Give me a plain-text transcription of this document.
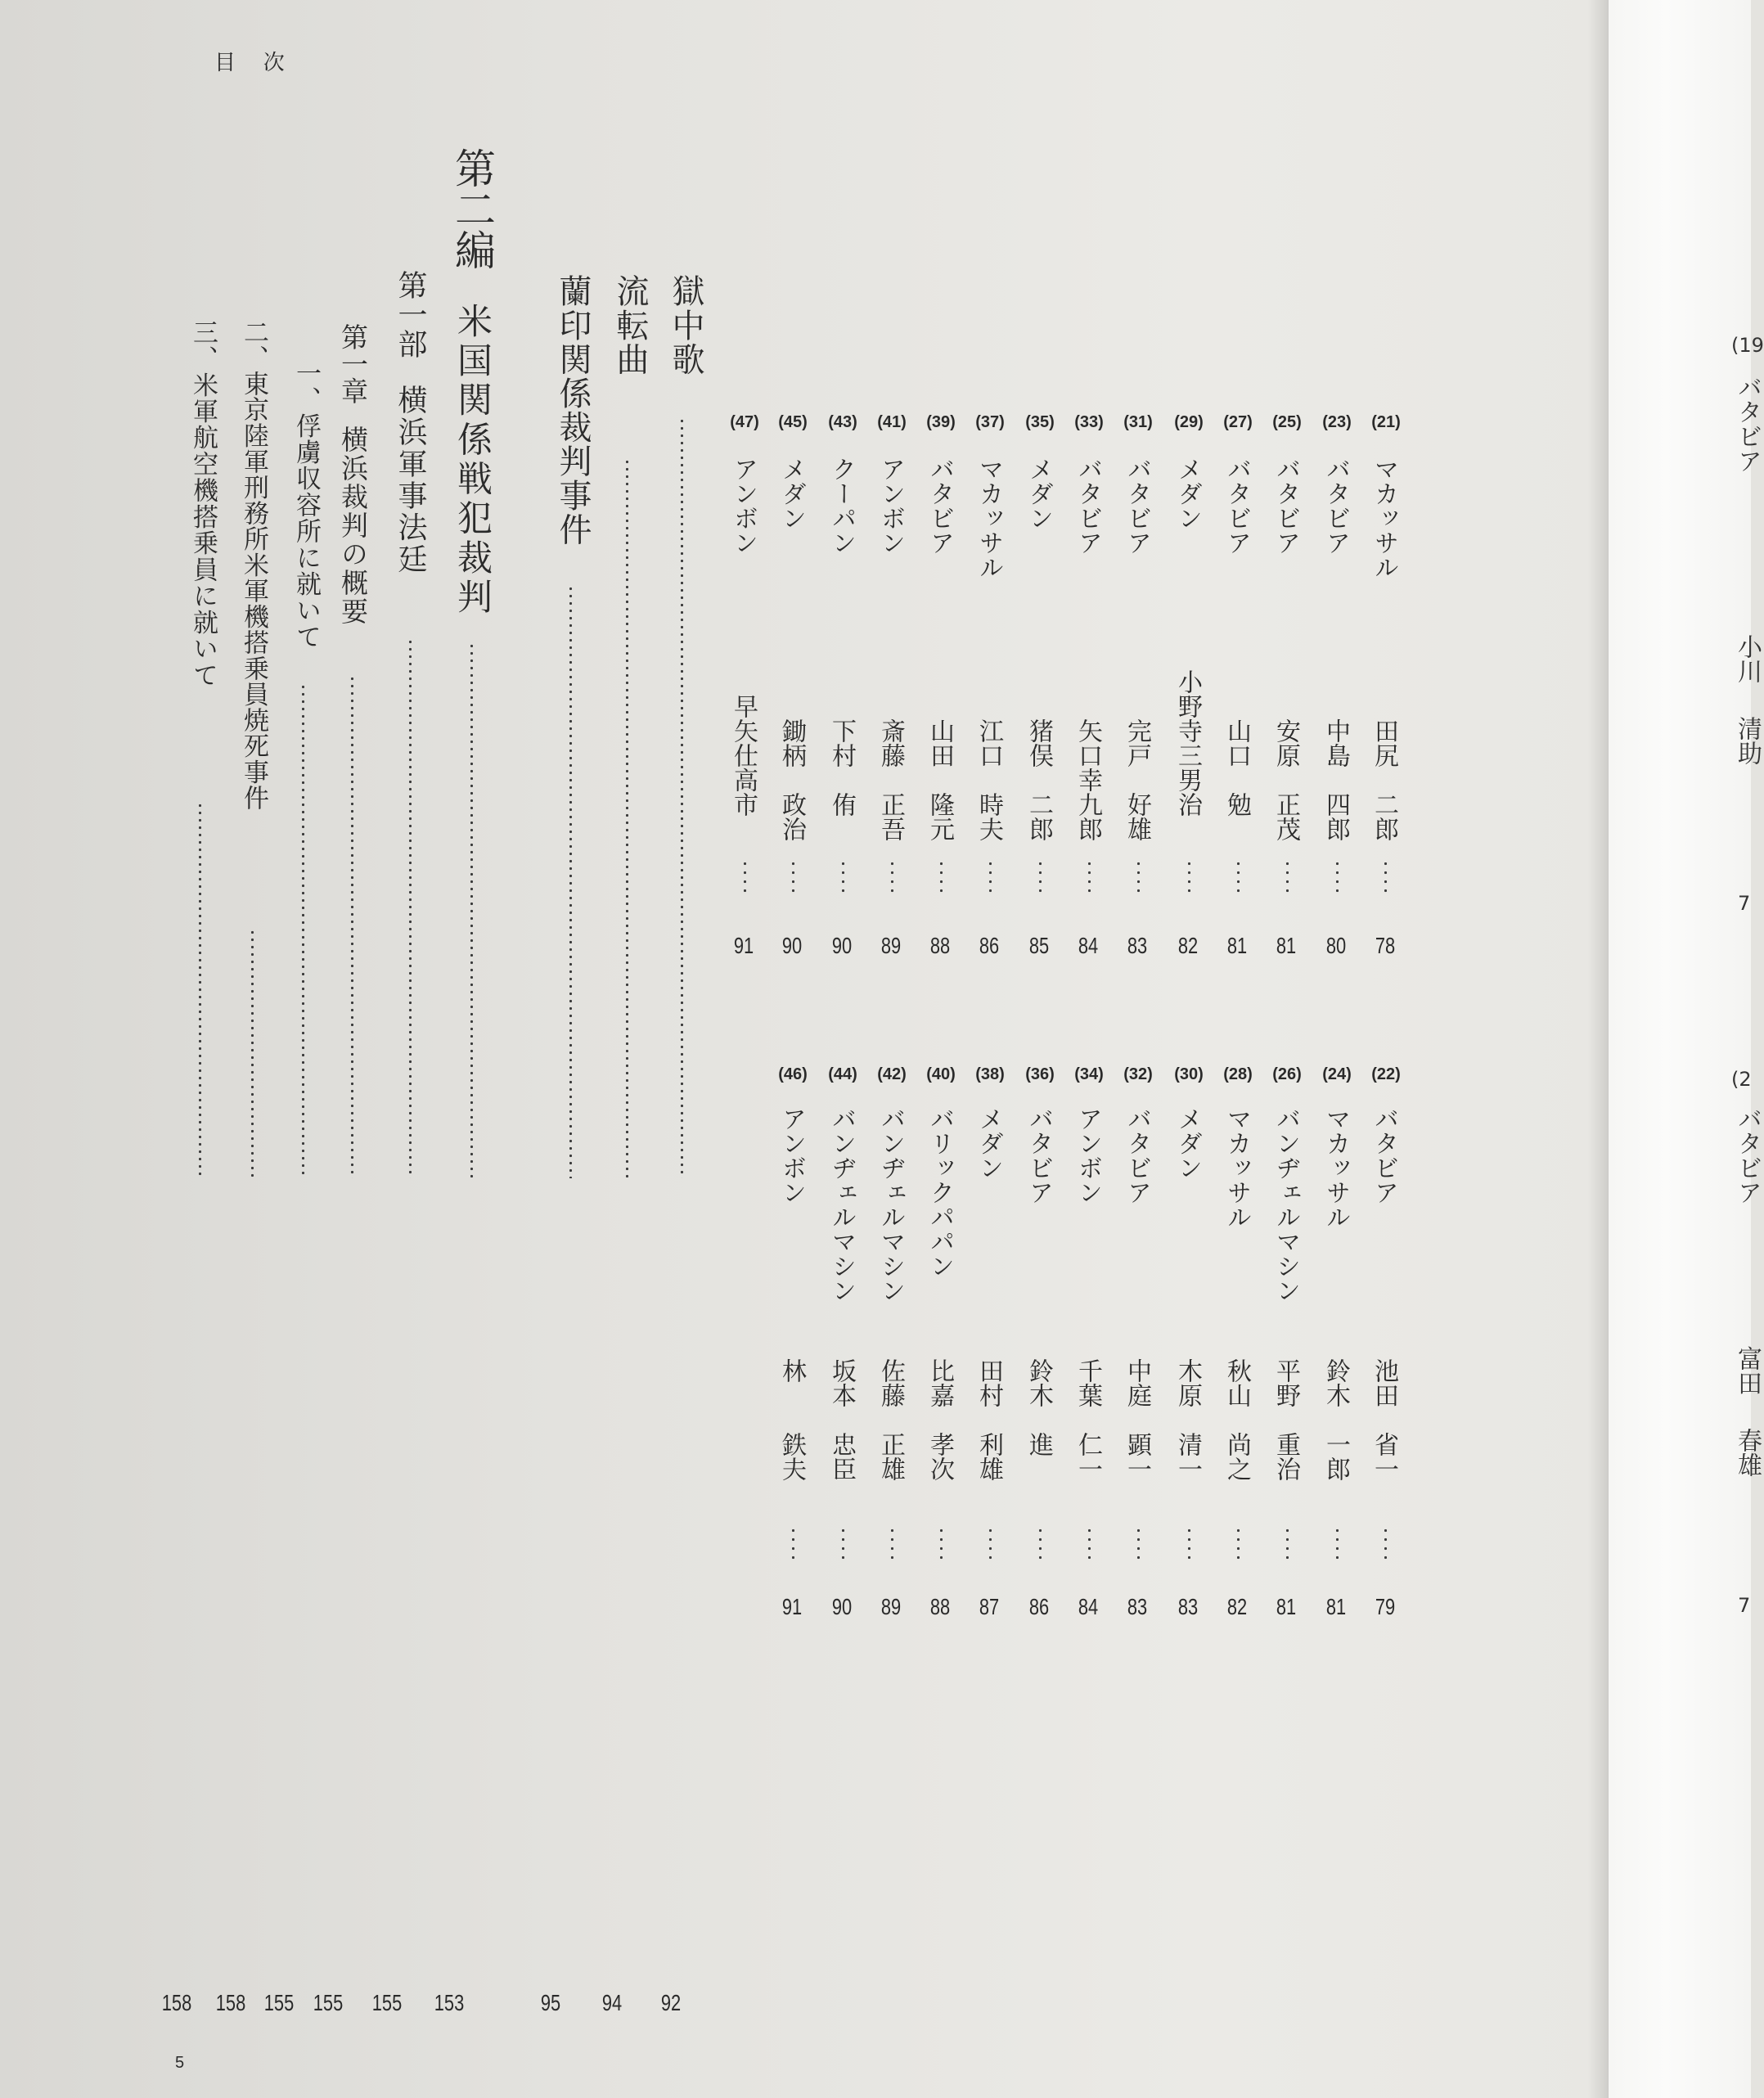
目　次
第二編
米国関係戦犯裁判
153
第一部
横浜軍事法廷
155
第一章
横浜裁判の概要
155
一、俘虜収容所に就いて
155
二、東京陸軍刑務所米軍機搭乗員焼死事件
158
三、米軍航空機搭乗員に就いて
158
蘭印関係裁判事件
95
流転曲
94
獄中歌
92
(21)
マカッサル
田尻　二郎
78
(23)
バタビア
中島　四郎
80
(25)
バタビア
安原　正茂
81
(27)
バタビア
山口　勉
81
(29)
メダン
小野寺三男治
82
(31)
バタビア
完戸　好雄
83
(33)
バタビア
矢口幸九郎
84
(35)
メダン
猪俣　二郎
85
(37)
マカッサル
江口　時夫
86
(39)
バタビア
山田　隆元
88
(41)
アンボン
斎藤　正吾
89
(43)
クーパン
下村　侑
90
(45)
メダン
鋤柄　政治
90
(47)
アンボン
早矢仕高市
91
(22)
バタビア
池田　省一
79
(24)
マカッサル
鈴木　一郎
81
(26)
バンヂェルマシン
平野　重治
81
(28)
マカッサル
秋山　尚之
82
(30)
メダン
木原　清一
83
(32)
バタビア
中庭　顕一
83
(34)
アンボン
千葉　仁一
84
(36)
バタビア
鈴木　進
86
(38)
メダン
田村　利雄
87
(40)
バリックパパン
比嘉　孝次
88
(42)
バンヂェルマシン
佐藤　正雄
89
(44)
バンヂェルマシン
坂本　忠臣
90
(46)
アンボン
林　　鉄夫
91
5
(19
バタビア
小川
清助
7
(2
バタビア
富田
春雄
7
